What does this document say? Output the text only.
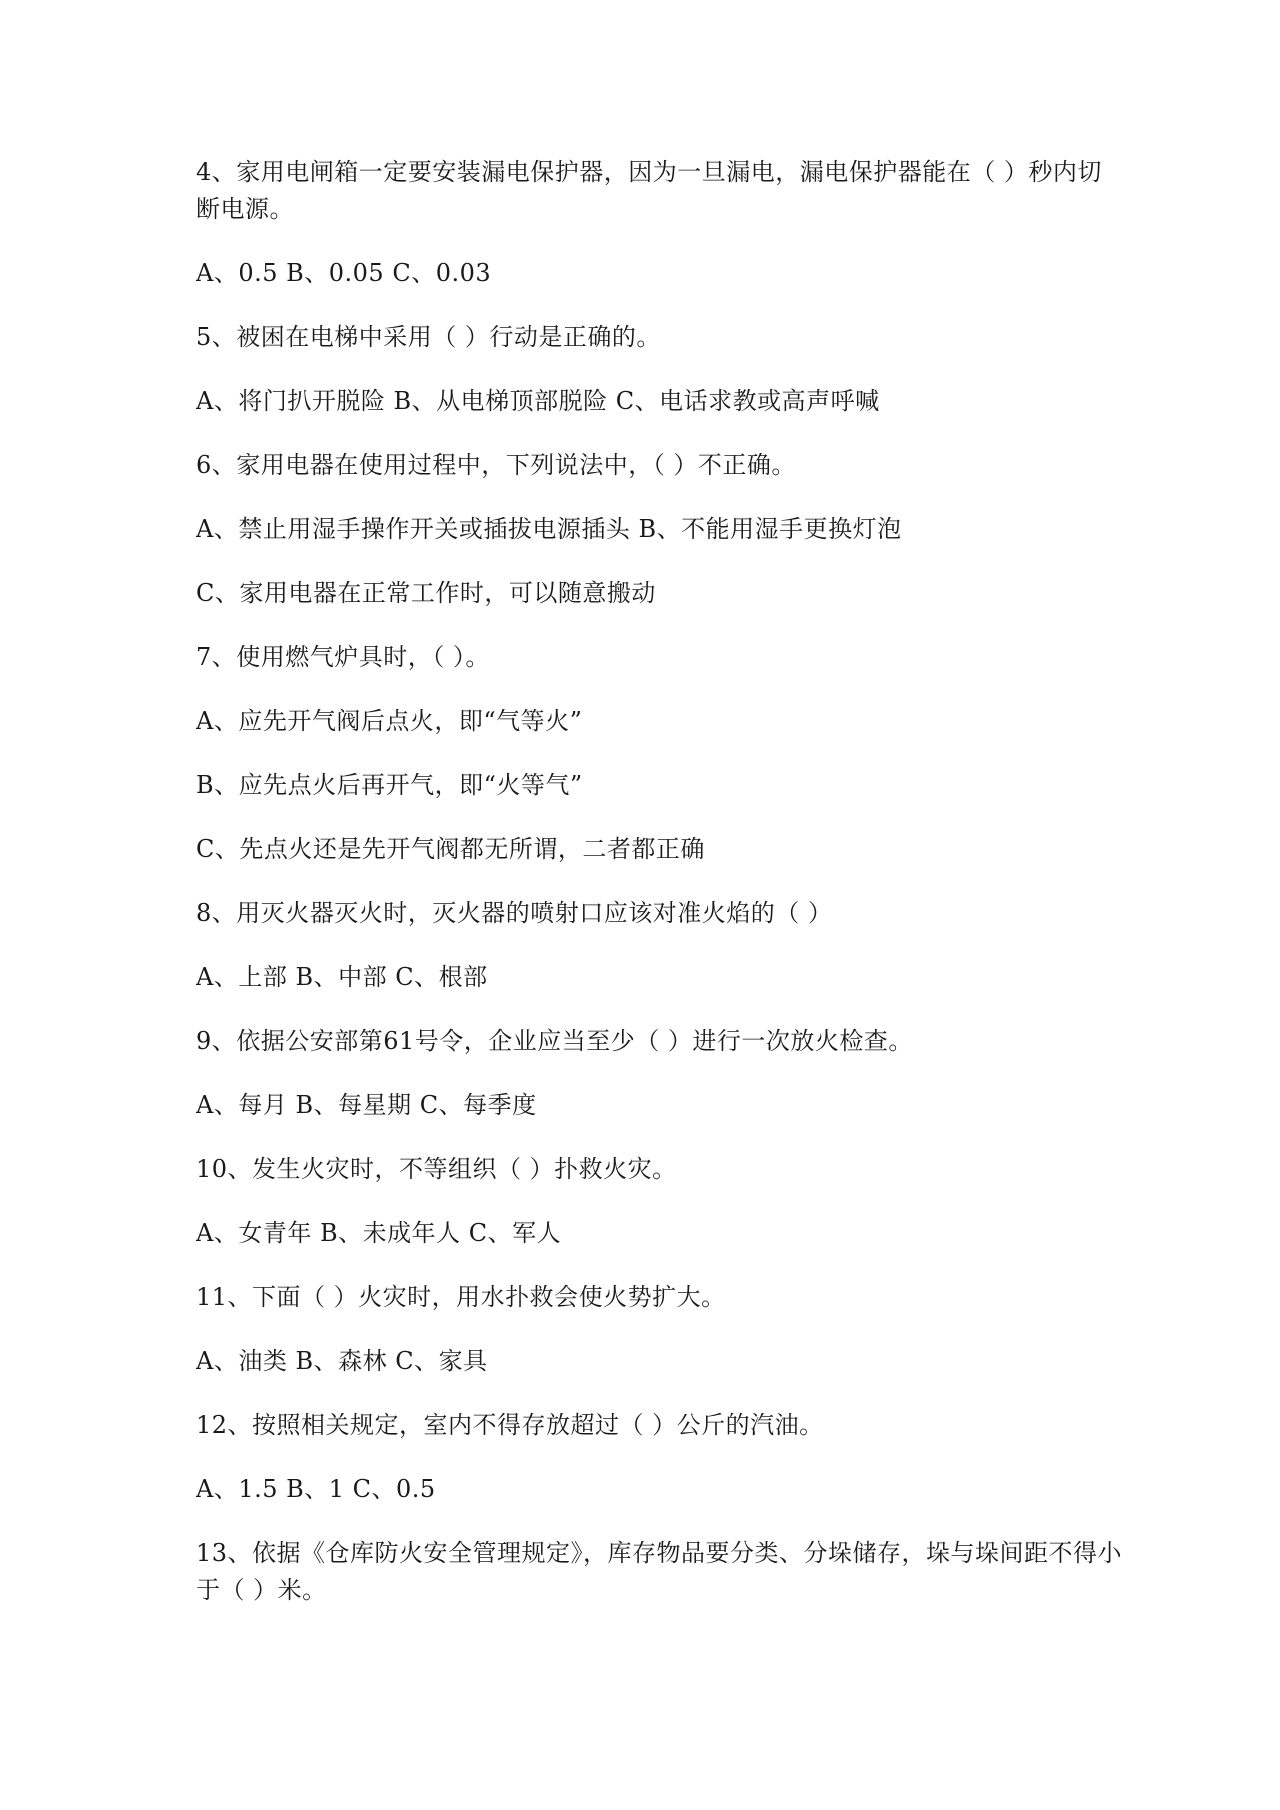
4、家用电闸箱一定要安装漏电保护器，因为一旦漏电，漏电保护器能在（ ）秒内切断电源。

A、0.5 B、0.05 C、0.03

5、被困在电梯中采用（ ）行动是正确的。

A、将门扒开脱险 B、从电梯顶部脱险 C、电话求教或高声呼喊

6、家用电器在使用过程中，下列说法中，（ ）不正确。

A、禁止用湿手操作开关或插拔电源插头 B、不能用湿手更换灯泡

C、家用电器在正常工作时，可以随意搬动

7、使用燃气炉具时，（ ）。

A、应先开气阀后点火，即“气等火”

B、应先点火后再开气，即“火等气”

C、先点火还是先开气阀都无所谓，二者都正确

8、用灭火器灭火时，灭火器的喷射口应该对准火焰的（ ）

A、上部 B、中部 C、根部

9、依据公安部第61号令，企业应当至少（ ）进行一次放火检查。

A、每月 B、每星期 C、每季度

10、发生火灾时，不等组织（ ）扑救火灾。

A、女青年 B、未成年人 C、军人

11、下面（ ）火灾时，用水扑救会使火势扩大。

A、油类 B、森林 C、家具

12、按照相关规定，室内不得存放超过（ ）公斤的汽油。

A、1.5 B、1 C、0.5

13、依据《仓库防火安全管理规定》，库存物品要分类、分垛储存，垛与垛间距不得小于（ ）米。
